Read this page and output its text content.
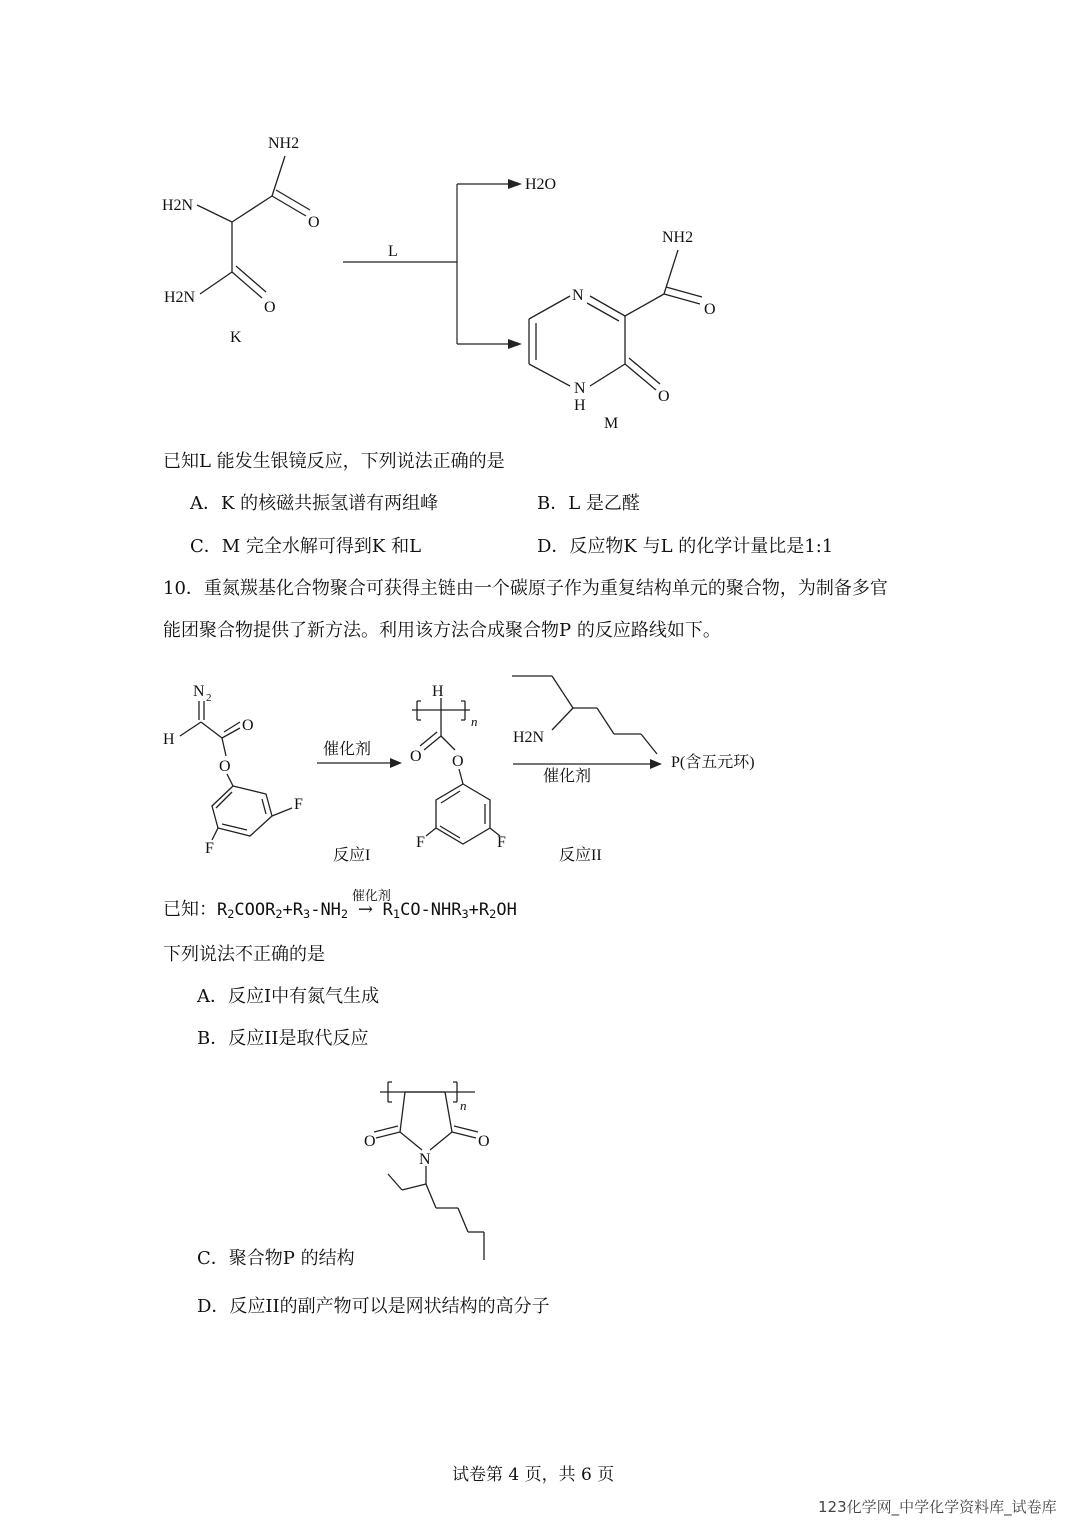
NH2
H2N
O
H2N
O
K
L
H2O
N
N
H
O
O
NH2
M
已知L 能发生银镜反应，下列说法正确的是
A．K 的核磁共振氢谱有两组峰	B．L 是乙醛
C．M 完全水解可得到K 和L	D．反应物K 与L 的化学计量比是1:1
10．重氮羰基化合物聚合可获得主链由一个碳原子作为重复结构单元的聚合物，为制备多官
能团聚合物提供了新方法。利用该方法合成聚合物P 的反应路线如下。
N 2
H
O
O
F
F
催化剂
反应I
H
n
O O
F	F
H2N
催化剂
P(含五元环)
反应II
已知：$R_2COOR_2+R_3-NH_2$
催化剂
→ $R_1CO-NHR_3+R_2OH$
下列说法不正确的是
A．反应I中有氮气生成
B．反应II是取代反应
n
O	O
N
C．聚合物P 的结构
D．反应II的副产物可以是网状结构的高分子
试卷第 4 页，共 6 页
123化学网_中学化学资料库_试卷库
